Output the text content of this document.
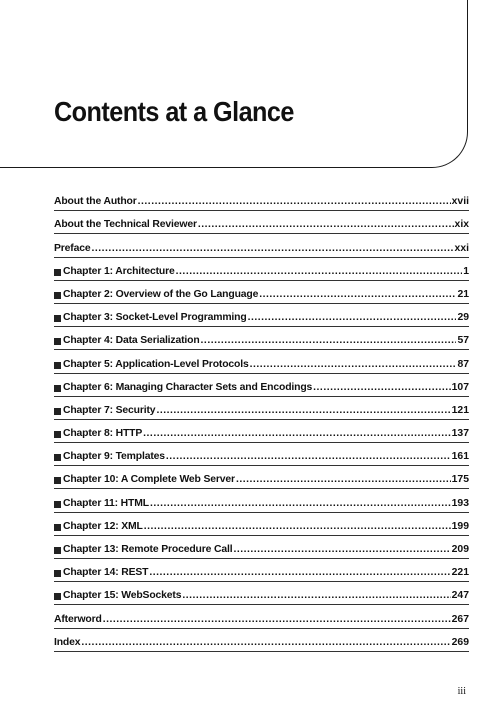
Contents at a Glance
About the Author .....	xvii
About the Technical Reviewer .....	xix
Preface .....	xxi
Chapter 1: Architecture .....	1
Chapter 2: Overview of the Go Language .....	21
Chapter 3: Socket-Level Programming .....	29
Chapter 4: Data Serialization .....	57
Chapter 5: Application-Level Protocols .....	87
Chapter 6: Managing Character Sets and Encodings .....	107
Chapter 7: Security .....	121
Chapter 8: HTTP .....	137
Chapter 9: Templates .....	161
Chapter 10: A Complete Web Server .....	175
Chapter 11: HTML .....	193
Chapter 12: XML .....	199
Chapter 13: Remote Procedure Call .....	209
Chapter 14: REST .....	221
Chapter 15: WebSockets .....	247
Afterword .....	267
Index .....	269
iii
